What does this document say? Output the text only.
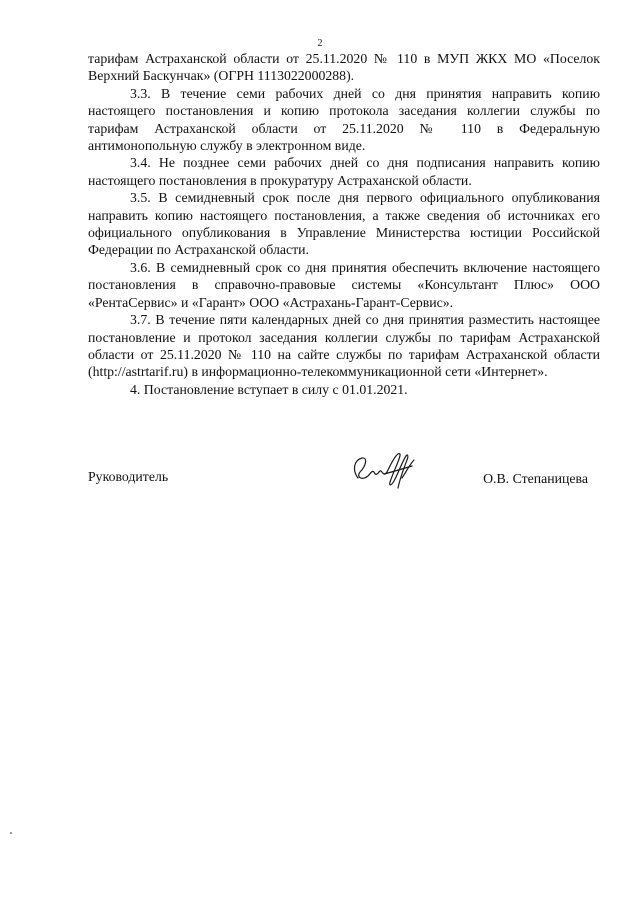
2

тарифам Астраханской области от 25.11.2020 № 110 в МУП ЖКХ МО «Поселок Верхний Баскунчак» (ОГРН 1113022000288).

3.3. В течение семи рабочих дней со дня принятия направить копию настоящего постановления и копию протокола заседания коллегии службы по тарифам Астраханской области от 25.11.2020 № 110 в Федеральную антимонопольную службу в электронном виде.

3.4. Не позднее семи рабочих дней со дня подписания направить копию настоящего постановления в прокуратуру Астраханской области.

3.5. В семидневный срок после дня первого официального опубликования направить копию настоящего постановления, а также сведения об источниках его официального опубликования в Управление Министерства юстиции Российской Федерации по Астраханской области.

3.6. В семидневный срок со дня принятия обеспечить включение настоящего постановления в справочно-правовые системы «Консультант Плюс» ООО «РентаСервис» и «Гарант» ООО «Астрахань-Гарант-Сервис».

3.7. В течение пяти календарных дней со дня принятия разместить настоящее постановление и протокол заседания коллегии службы по тарифам Астраханской области от 25.11.2020 № 110 на сайте службы по тарифам Астраханской области (http://astrtarif.ru) в информационно-телекоммуникационной сети «Интернет».

4. Постановление вступает в силу с 01.01.2021.

Руководитель	О.В. Степаницева
